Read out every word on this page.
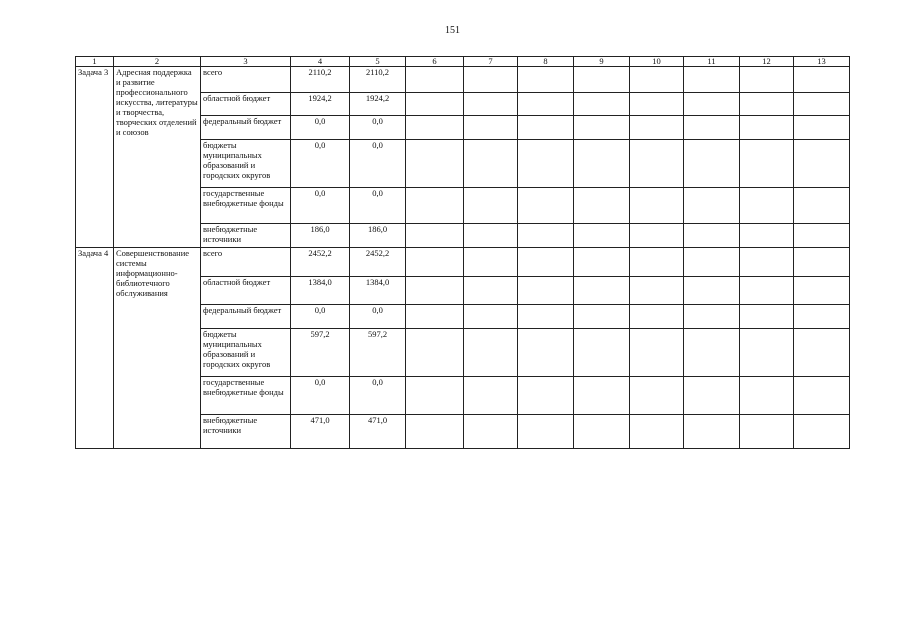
151
1	2	3	4	5	6	7	8	9	10	11	12	13
Задача 3	Адресная поддержка и развитие профессионального искусства, литературы и творчества, творческих отделений и союзов	всего	2110,2	2110,2								
		областной бюджет	1924,2	1924,2								
		федеральный бюджет	0,0	0,0								
		бюджеты муниципальных образований и городских округов	0,0	0,0								
		государственные внебюджетные фонды	0,0	0,0								
		внебюджетные источники	186,0	186,0								
Задача 4	Совершенствование системы информационно-библиотечного обслуживания	всего	2452,2	2452,2								
		областной бюджет	1384,0	1384,0								
		федеральный бюджет	0,0	0,0								
		бюджеты муниципальных образований и городских округов	597,2	597,2								
		государственные внебюджетные фонды	0,0	0,0								
		внебюджетные источники	471,0	471,0								
